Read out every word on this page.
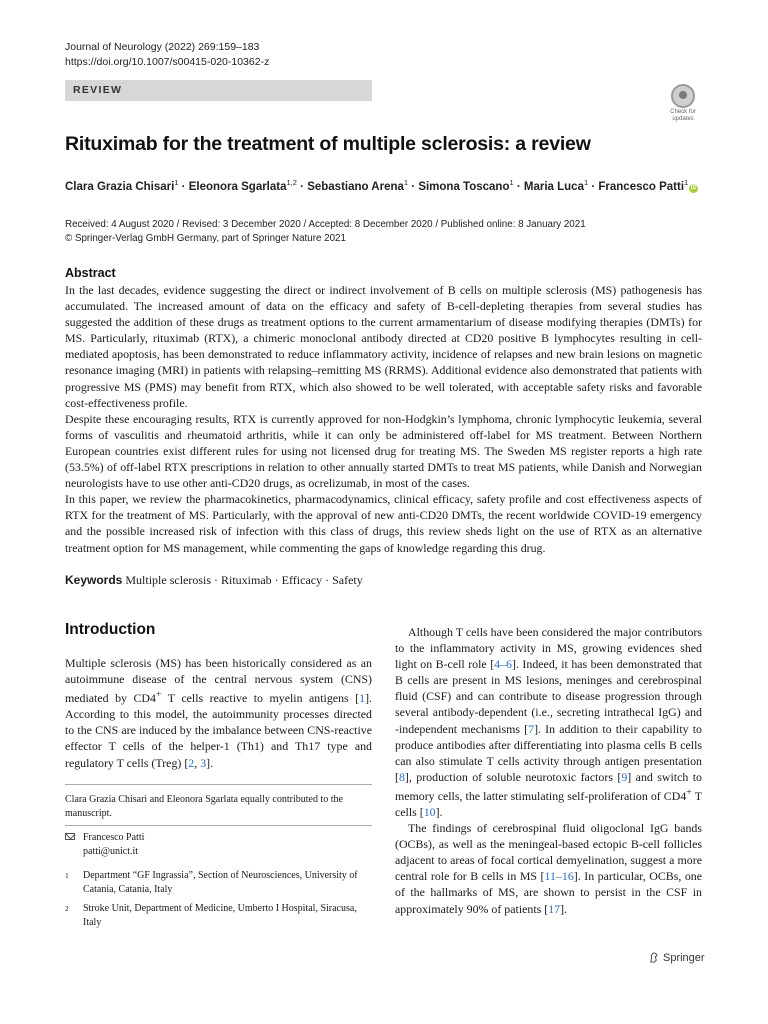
Journal of Neurology (2022) 269:159–183
https://doi.org/10.1007/s00415-020-10362-z
REVIEW
Check for updates
Rituximab for the treatment of multiple sclerosis: a review
Clara Grazia Chisari$^1$ · Eleonora Sgarlata$^{1,2}$ · Sebastiano Arena$^1$ · Simona Toscano$^1$ · Maria Luca$^1$ · Francesco Patti$^1$iD
Received: 4 August 2020 / Revised: 3 December 2020 / Accepted: 8 December 2020 / Published online: 8 January 2021
© Springer-Verlag GmbH Germany, part of Springer Nature 2021
Abstract

In the last decades, evidence suggesting the direct or indirect involvement of B cells on multiple sclerosis (MS) pathogenesis has accumulated. The increased amount of data on the efficacy and safety of B-cell-depleting therapies from several studies has suggested the addition of these drugs as treatment options to the current armamentarium of disease modifying therapies (DMTs) for MS. Particularly, rituximab (RTX), a chimeric monoclonal antibody directed at CD20 positive B lymphocytes resulting in cell-mediated apoptosis, has been demonstrated to reduce inflammatory activity, incidence of relapses and new brain lesions on magnetic resonance imaging (MRI) in patients with relapsing–remitting MS (RRMS). Additional evidence also demonstrated that patients with progressive MS (PMS) may benefit from RTX, which also showed to be well tolerated, with acceptable safety risks and favorable cost-effectiveness profile.

Despite these encouraging results, RTX is currently approved for non-Hodgkin’s lymphoma, chronic lymphocytic leukemia, several forms of vasculitis and rheumatoid arthritis, while it can only be administered off-label for MS treatment. Between Northern European countries exist different rules for using not licensed drug for treating MS. The Sweden MS register reports a high rate (53.5%) of off-label RTX prescriptions in relation to other annually started DMTs to treat MS patients, while Danish and Norwegian neurologists have to use other anti-CD20 drugs, as ocrelizumab, in most of the cases.

In this paper, we review the pharmacokinetics, pharmacodynamics, clinical efficacy, safety profile and cost effectiveness aspects of RTX for the treatment of MS. Particularly, with the approval of new anti-CD20 DMTs, the recent worldwide COVID-19 emergency and the possible increased risk of infection with this class of drugs, this review sheds light on the use of RTX as an alternative treatment option for MS management, while commenting the gaps of knowledge regarding this drug.

Keywords Multiple sclerosis · Rituximab · Efficacy · Safety
Introduction

Multiple sclerosis (MS) has been historically considered as an autoimmune disease of the central nervous system (CNS) mediated by CD4+ T cells reactive to myelin antigens [1]. According to this model, the autoimmunity processes directed to the CNS are induced by the imbalance between CNS-reactive effector T cells of the helper-1 (Th1) and Th17 type and regulatory T cells (Treg) [2, 3].

Although T cells have been considered the major contributors to the inflammatory activity in MS, growing evidences shed light on B-cell role [4–6]. Indeed, it has been demonstrated that B cells are present in MS lesions, meninges and cerebrospinal fluid (CSF) and can contribute to disease progression through several antibody-dependent (i.e., secreting intrathecal IgG) and -independent mechanisms [7]. In addition to their capability to produce antibodies after differentiating into plasma cells B cells can also stimulate T cells activity through antigen presentation [8], production of soluble neurotoxic factors [9] and switch to memory cells, the latter stimulating self-proliferation of CD4+ T cells [10].

The findings of cerebrospinal fluid oligoclonal IgG bands (OCBs), as well as the meningeal-based ectopic B-cell follicles adjacent to areas of focal cortical demyelination, suggest a more central role for B cells in MS [11–16]. In particular, OCBs, one of the hallmarks of MS, are shown to persist in the CSF in approximately 90% of patients [17].

Clara Grazia Chisari and Eleonora Sgarlata equally contributed to the manuscript.

Francesco Patti
patti@unict.it
1 Department “GF Ingrassia”, Section of Neurosciences, University of Catania, Catania, Italy
2 Stroke Unit, Department of Medicine, Umberto I Hospital, Siracusa, Italy
Springer
